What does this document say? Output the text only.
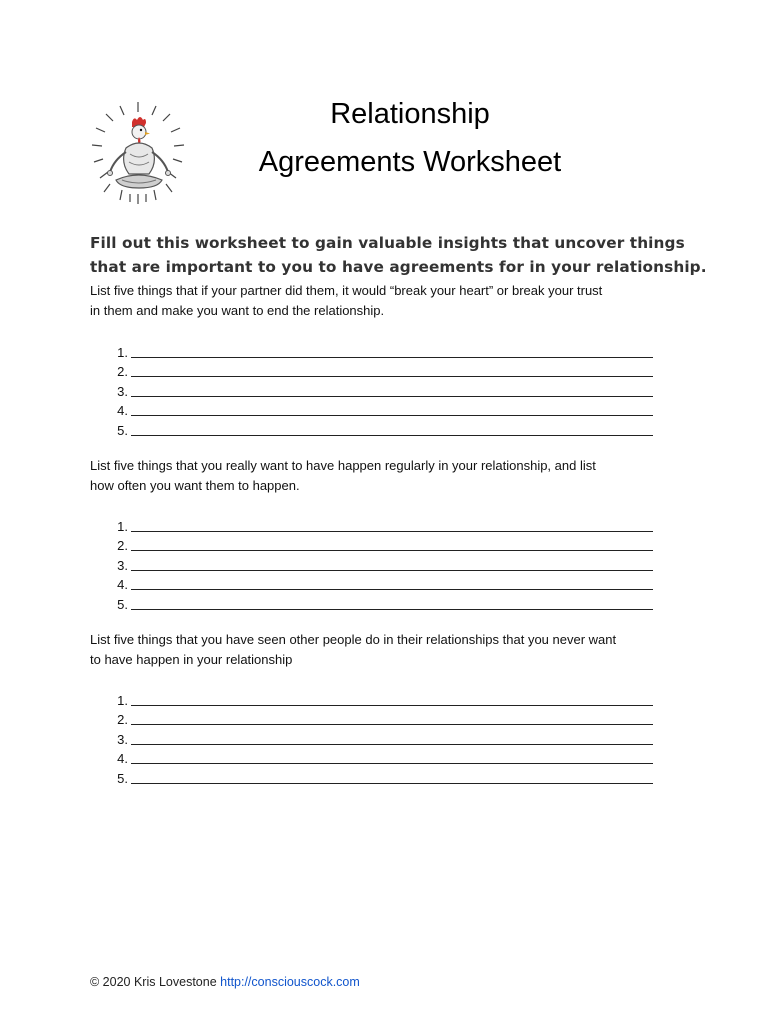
Relationship
Agreements Worksheet
Fill out this worksheet to gain valuable insights that uncover things
that are important to you to have agreements for in your relationship.
List five things that if your partner did them, it would “break your heart” or break your trust
in them and make you want to end the relationship.
1.
2.
3.
4.
5.
List five things that you really want to have happen regularly in your relationship, and list
how often you want them to happen.
1.
2.
3.
4.
5.
List five things that you have seen other people do in their relationships that you never want
to have happen in your relationship
1.
2.
3.
4.
5.
© 2020 Kris Lovestone http://consciouscock.com
